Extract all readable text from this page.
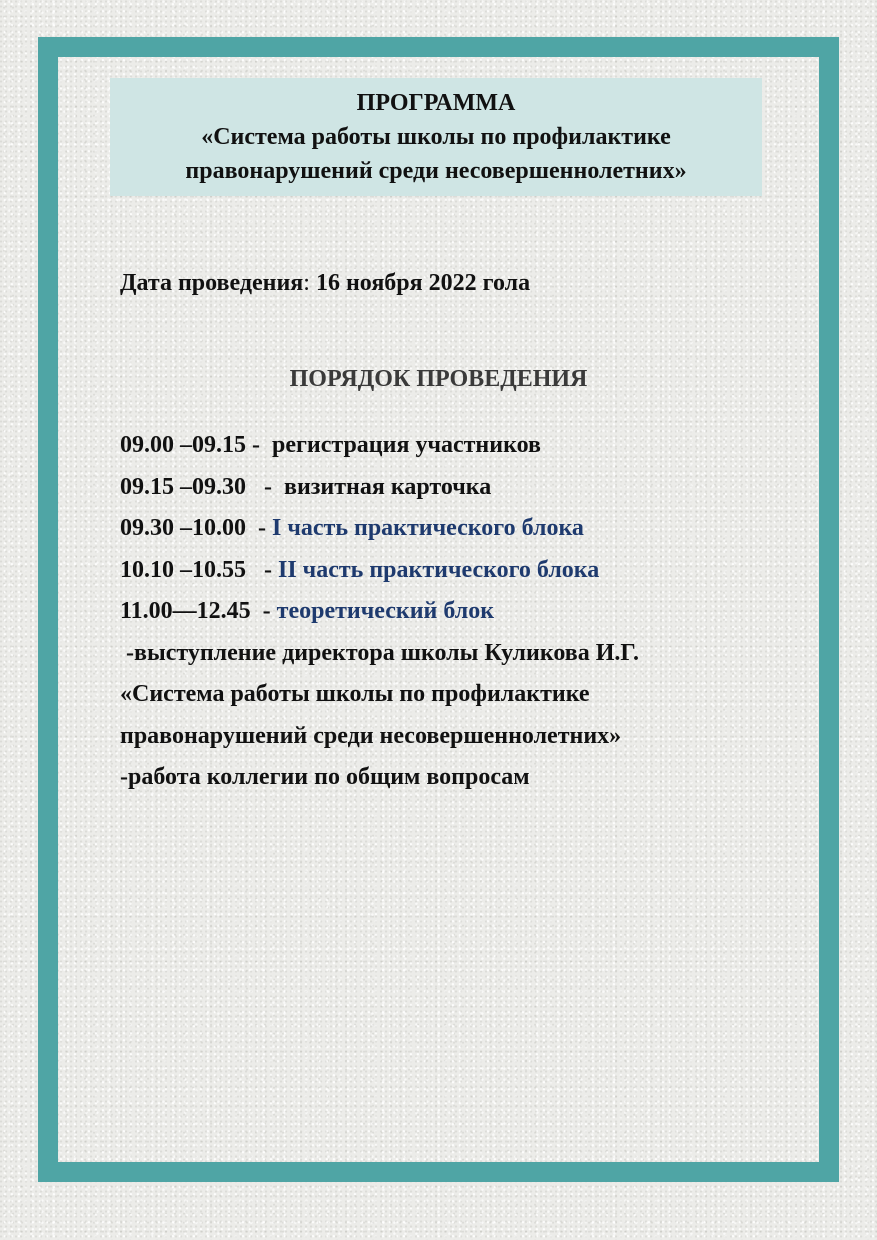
ПРОГРАММА
«Система работы школы по профилактике
правонарушений среди несовершеннолетних»
Дата проведения: 16 ноября 2022 гола
ПОРЯДОК ПРОВЕДЕНИЯ
09.00 –09.15 -  регистрация участников
09.15 –09.30   -  визитная карточка
09.30 –10.00  - I часть практического блока
10.10 –10.55   - II часть практического блока
11.00—12.45  - теоретический блок
-выступление директора школы Куликова И.Г.
«Система работы школы по профилактике
правонарушений среди несовершеннолетних»
-работа коллегии по общим вопросам
